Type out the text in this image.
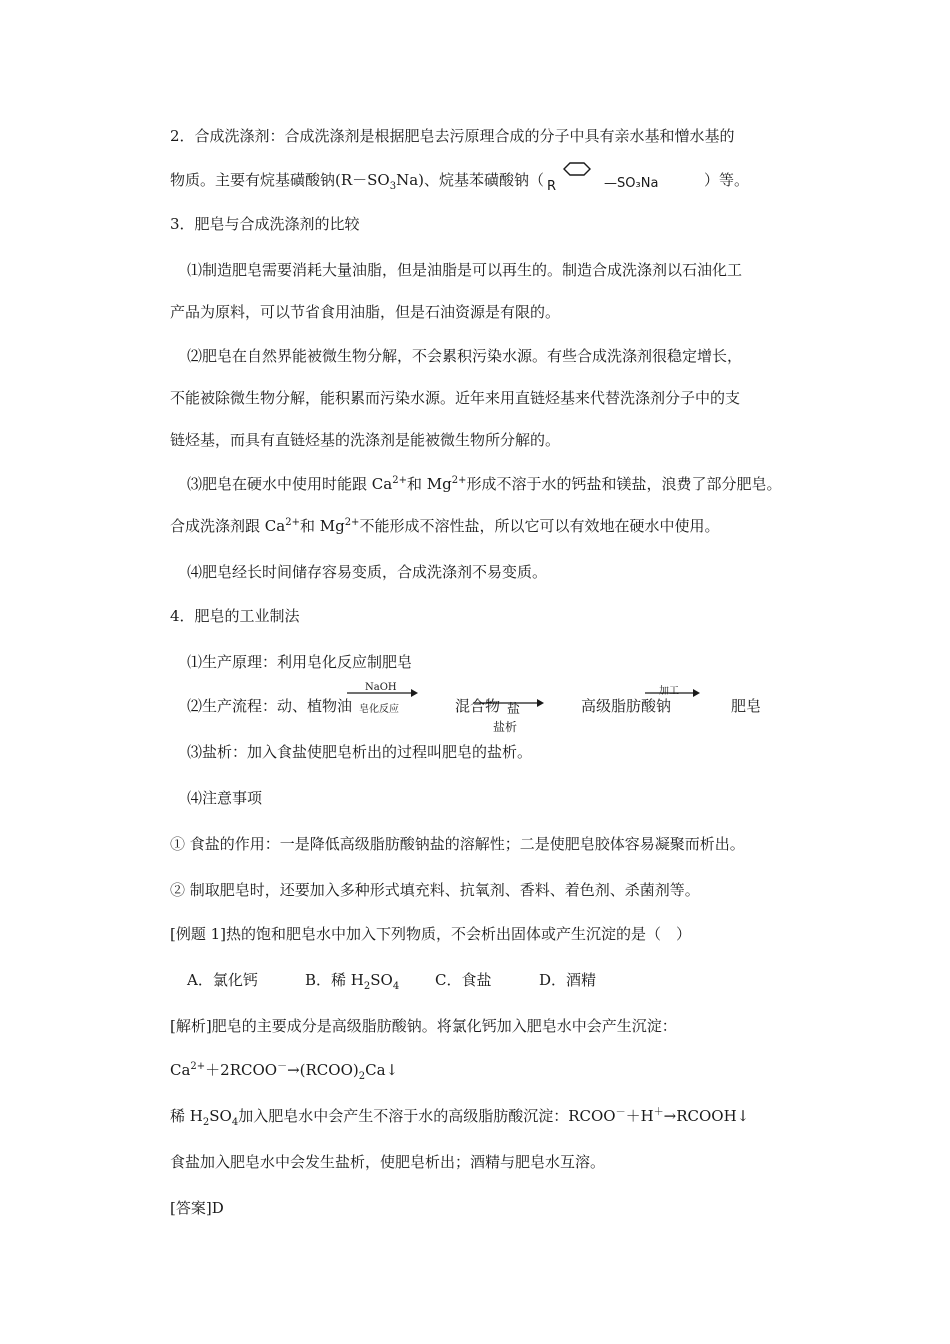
2．合成洗涤剂：合成洗涤剂是根据肥皂去污原理合成的分子中具有亲水基和憎水基的
物质。主要有烷基磺酸钠$(R-SO_3Na)$、烷基苯磺酸钠（ R	—SO₃Na	）等。
3．肥皂与合成洗涤剂的比较
⑴制造肥皂需要消耗大量油脂，但是油脂是可以再生的。制造合成洗涤剂以石油化工
产品为原料，可以节省食用油脂，但是石油资源是有限的。
⑵肥皂在自然界能被微生物分解，不会累积污染水源。有些合成洗涤剂很稳定增长，
不能被除微生物分解，能积累而污染水源。近年来用直链烃基来代替洗涤剂分子中的支
链烃基，而具有直链烃基的洗涤剂是能被微生物所分解的。
⑶肥皂在硬水中使用时能跟 $Ca^{2+}$和 $Mg^{2+}$形成不溶于水的钙盐和镁盐，浪费了部分肥皂。
合成洗涤剂跟 $Ca^{2+}$和 $Mg^{2+}$不能形成不溶性盐，所以它可以有效地在硬水中使用。
⑷肥皂经长时间储存容易变质，合成洗涤剂不易变质。
4．肥皂的工业制法
⑴生产原理：利用皂化反应制肥皂
⑵生产流程：动、植物油
NaOH
皂化反应	混合物 盐
盐析
高级脂肪酸钠
加工
肥皂
⑶盐析：加入食盐使肥皂析出的过程叫肥皂的盐析。
⑷注意事项
① 食盐的作用：一是降低高级脂肪酸钠盐的溶解性；二是使肥皂胶体容易凝聚而析出。
② 制取肥皂时，还要加入多种形式填充料、抗氧剂、香料、着色剂、杀菌剂等。
[例题 1]热的饱和肥皂水中加入下列物质，不会析出固体或产生沉淀的是（　）
A．氯化钙	B．稀 $H_2SO_4$ C．食盐	D．酒精
[解析]肥皂的主要成分是高级脂肪酸钠。将氯化钙加入肥皂水中会产生沉淀：
$Ca^{2+}+2RCOO^-\to(RCOO)_2Ca↓$
稀 $H_2SO_4$加入肥皂水中会产生不溶于水的高级脂肪酸沉淀：RCOO－＋H＋→RCOOH↓
食盐加入肥皂水中会发生盐析，使肥皂析出；酒精与肥皂水互溶。
[答案]D
